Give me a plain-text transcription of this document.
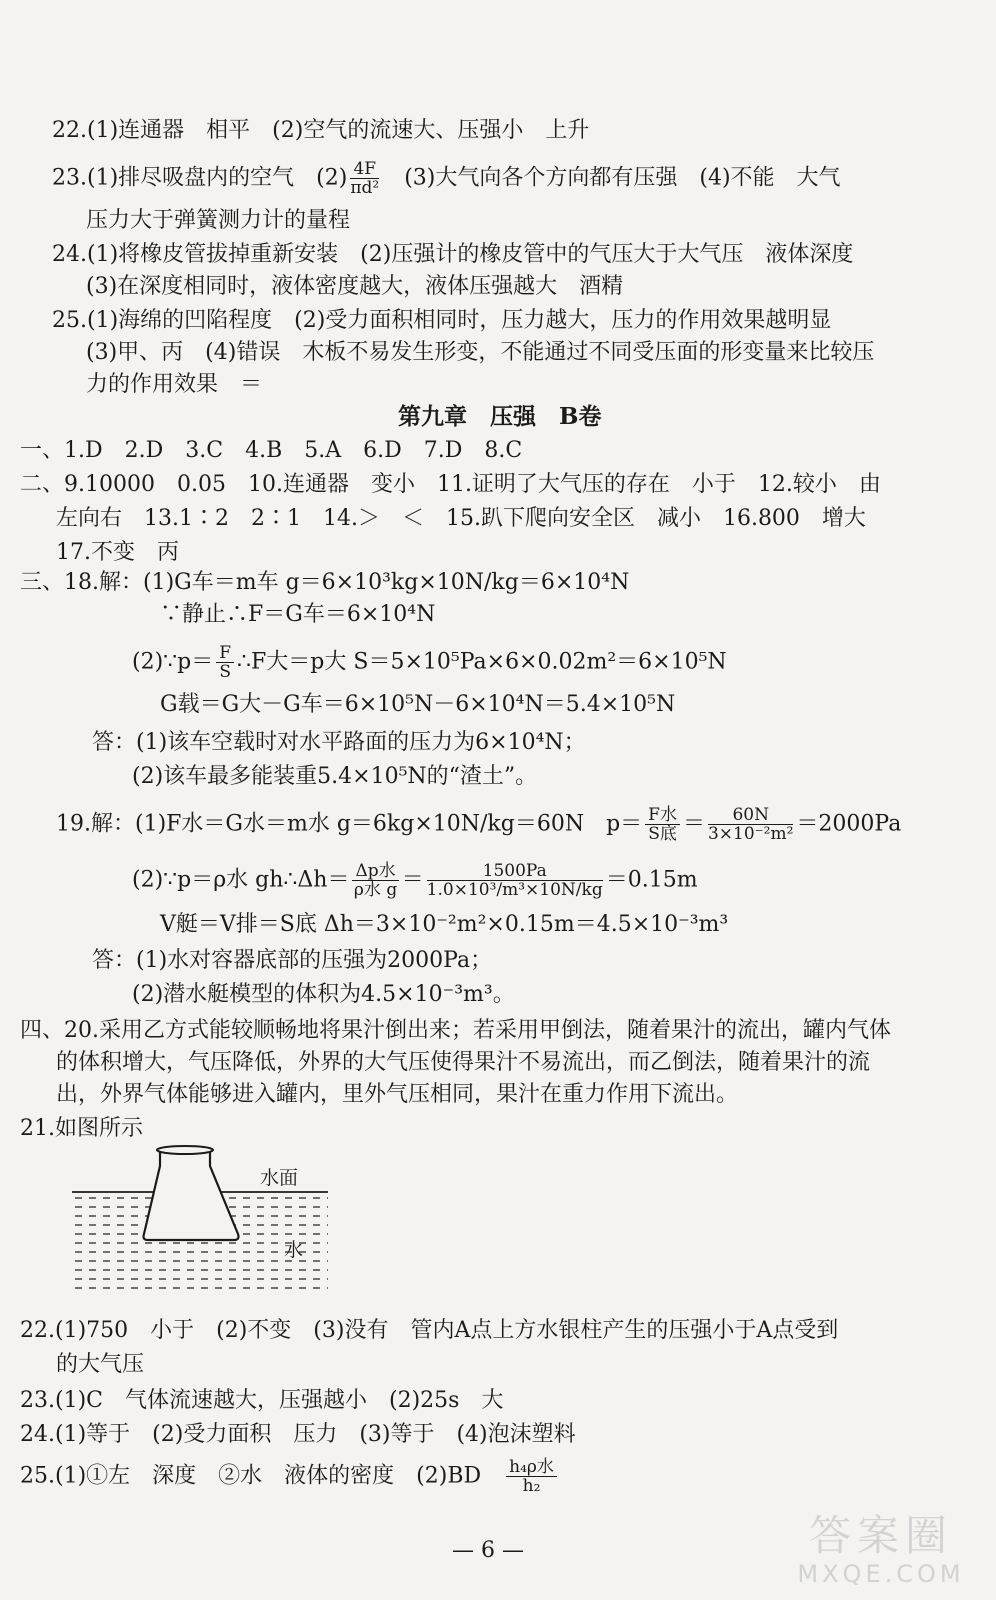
22.(1)连通器　相平　(2)空气的流速大、压强小　上升
23.(1)排尽吸盘内的空气　$(2) \frac{4F}{\text{πd²}}$ 　(3)大气向各个方向都有压强　(4)不能　大气
压力大于弹簧测力计的量程
24.(1)将橡皮管拔掉重新安装　(2)压强计的橡皮管中的气压大于大气压　液体深度
(3)在深度相同时，液体密度越大，液体压强越大　酒精
25.(1)海绵的凹陷程度　(2)受力面积相同时，压力越大，压力的作用效果越明显
(3)甲、丙　(4)错误　木板不易发生形变，不能通过不同受压面的形变量来比较压
力的作用效果　＝
第九章　压强　B卷
一、1.D　2.D　3.C　4.B　5.A　6.D　7.D　8.C
二、9.10000　0.05　10.连通器　变小　11.证明了大气压的存在　小于　12.较小　由
左向右　13.1∶2　2∶1　14.＞　＜　15.趴下爬向安全区　减小　16.800　增大
17.不变　丙
三、18.解：(1)G车＝m车 g＝6×10³kg×10N/kg＝6×10⁴N
∵静止∴F＝G车＝6×10⁴N
(2)∵p＝ $\frac{F}{S}$ ∴F大＝p大 S＝5×10⁵Pa×6×0.02m²＝6×10⁵N
G载＝G大－G车＝6×10⁵N－6×10⁴N＝5.4×10⁵N
答：(1)该车空载时对水平路面的压力为6×10⁴N；
(2)该车最多能装重5.4×10⁵N的“渣土”。
19.解：(1)F水＝G水＝m水 g＝6kg×10N/kg＝60N　$p= \frac{\text{F水}}{\text{S底}} = \frac{60N}{\text{3×10⁻²m²}} =2000Pa$
(2)∵p＝ρ水 gh∴Δh＝ $\frac{\text{Δp水}}{\text{ρ水 g}} = \frac{1500Pa}{\text{1.0×10³/m³×10N/kg}} =0.15m$
V艇＝V排＝S底 Δh＝3×10⁻²m²×0.15m＝4.5×10⁻³m³
答：(1)水对容器底部的压强为2000Pa；
(2)潜水艇模型的体积为4.5×10⁻³m³。
四、20.采用乙方式能较顺畅地将果汁倒出来；若采用甲倒法，随着果汁的流出，罐内气体
的体积增大，气压降低，外界的大气压使得果汁不易流出，而乙倒法，随着果汁的流
出，外界气体能够进入罐内，里外气压相同，果汁在重力作用下流出。
21.如图所示
水面
水
22.(1)750　小于　(2)不变　(3)没有　管内A点上方水银柱产生的压强小于A点受到
的大气压
23.(1)C　气体流速越大，压强越小　(2)25s　大
24.(1)等于　(2)受力面积　压力　(3)等于　(4)泡沫塑料
25.(1)①左　深度　②水　液体的密度　(2)BD　 $\frac{\text{h₄ρ水}}{\text{h₂}}$
— 6 —	答案圈
MXQE.COM
